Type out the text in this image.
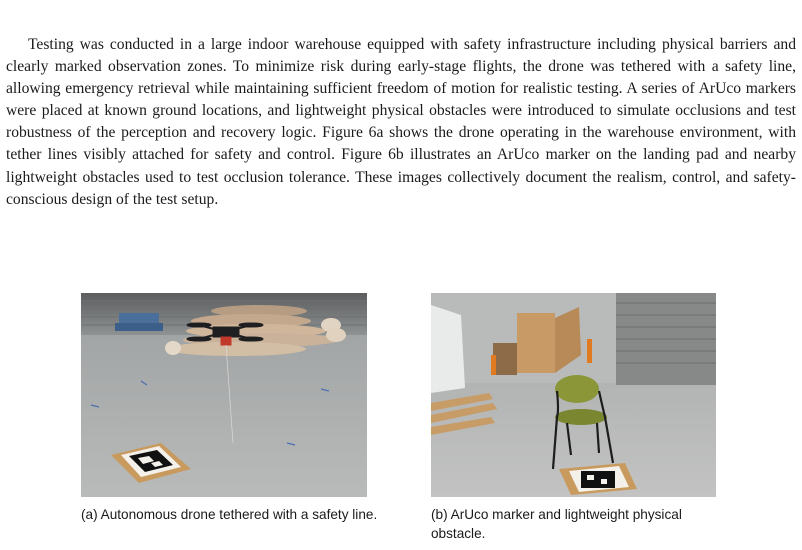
Testing was conducted in a large indoor warehouse equipped with safety infrastructure including physical barriers and clearly marked observation zones. To minimize risk during early-stage flights, the drone was tethered with a safety line, allowing emergency retrieval while maintaining sufficient freedom of motion for realistic testing. A series of ArUco markers were placed at known ground locations, and lightweight physical obstacles were introduced to simulate occlusions and test robustness of the perception and recovery logic. Figure 6a shows the drone operating in the warehouse environment, with tether lines visibly attached for safety and control. Figure 6b illustrates an ArUco marker on the landing pad and nearby lightweight obstacles used to test occlusion tolerance. These images collectively document the realism, control, and safety-conscious design of the test setup.

(a) Autonomous drone tethered with a safety line.	(b) ArUco marker and lightweight physical obstacle.
